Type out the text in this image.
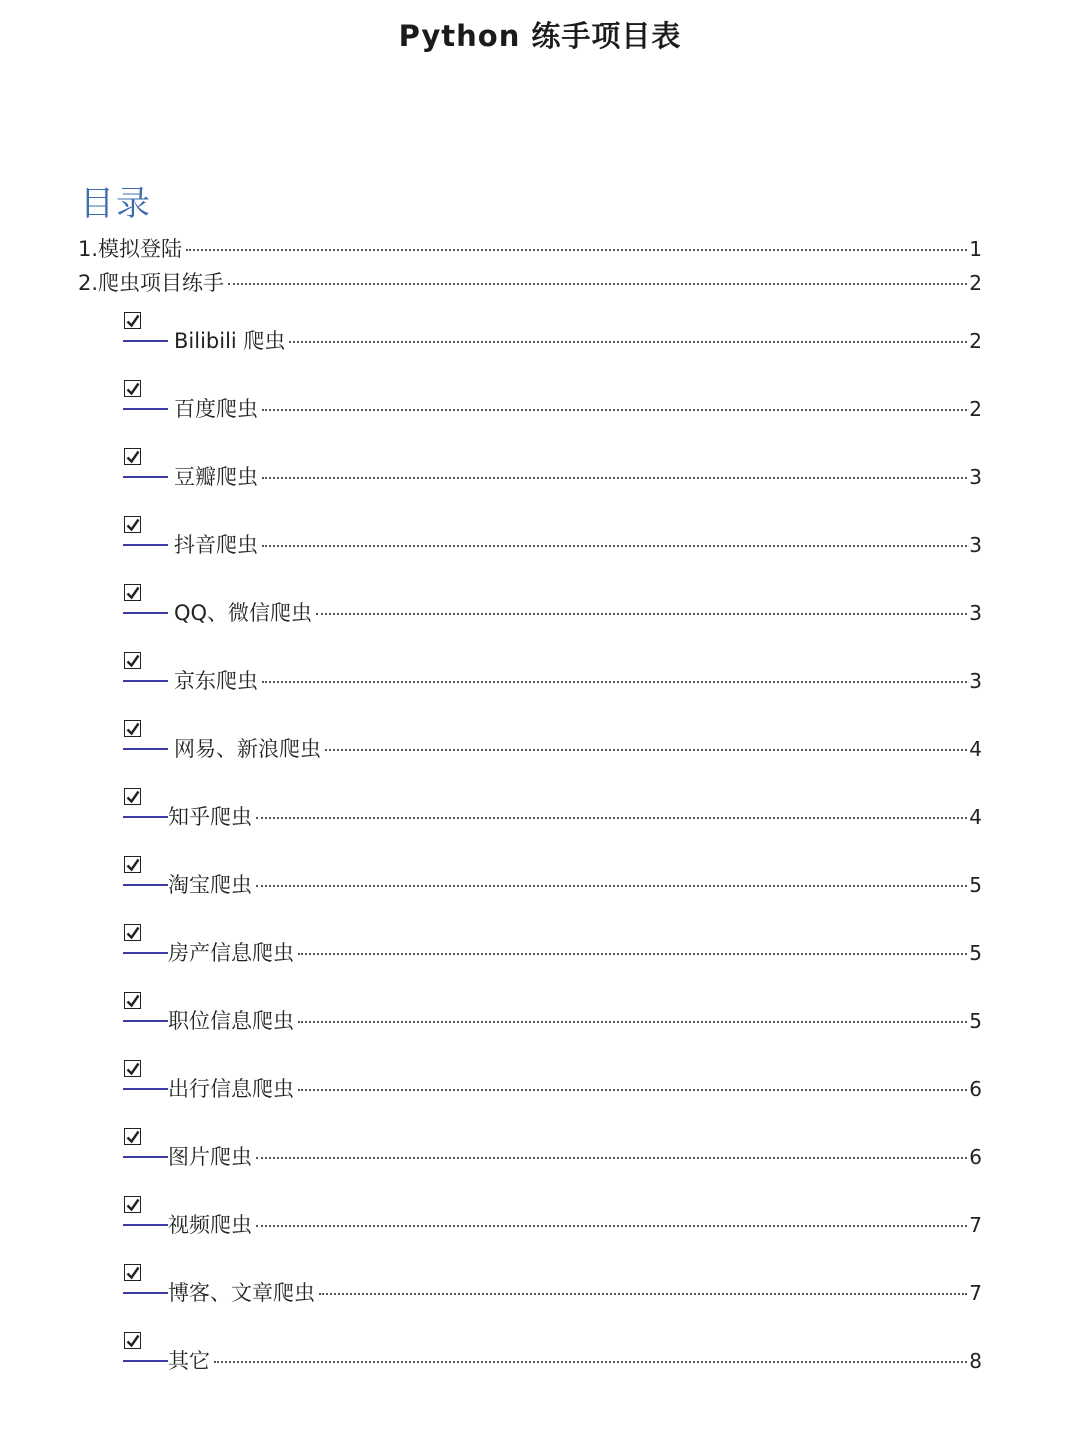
Python 练手项目表
目录
1.模拟登陆	1
2.爬虫项目练手	2
Bilibili 爬虫	2
百度爬虫	2
豆瓣爬虫	3
抖音爬虫	3
QQ、微信爬虫	3
京东爬虫	3
网易、新浪爬虫	4
知乎爬虫	4
淘宝爬虫	5
房产信息爬虫	5
职位信息爬虫	5
出行信息爬虫	6
图片爬虫	6
视频爬虫	7
博客、文章爬虫	7
其它	8
